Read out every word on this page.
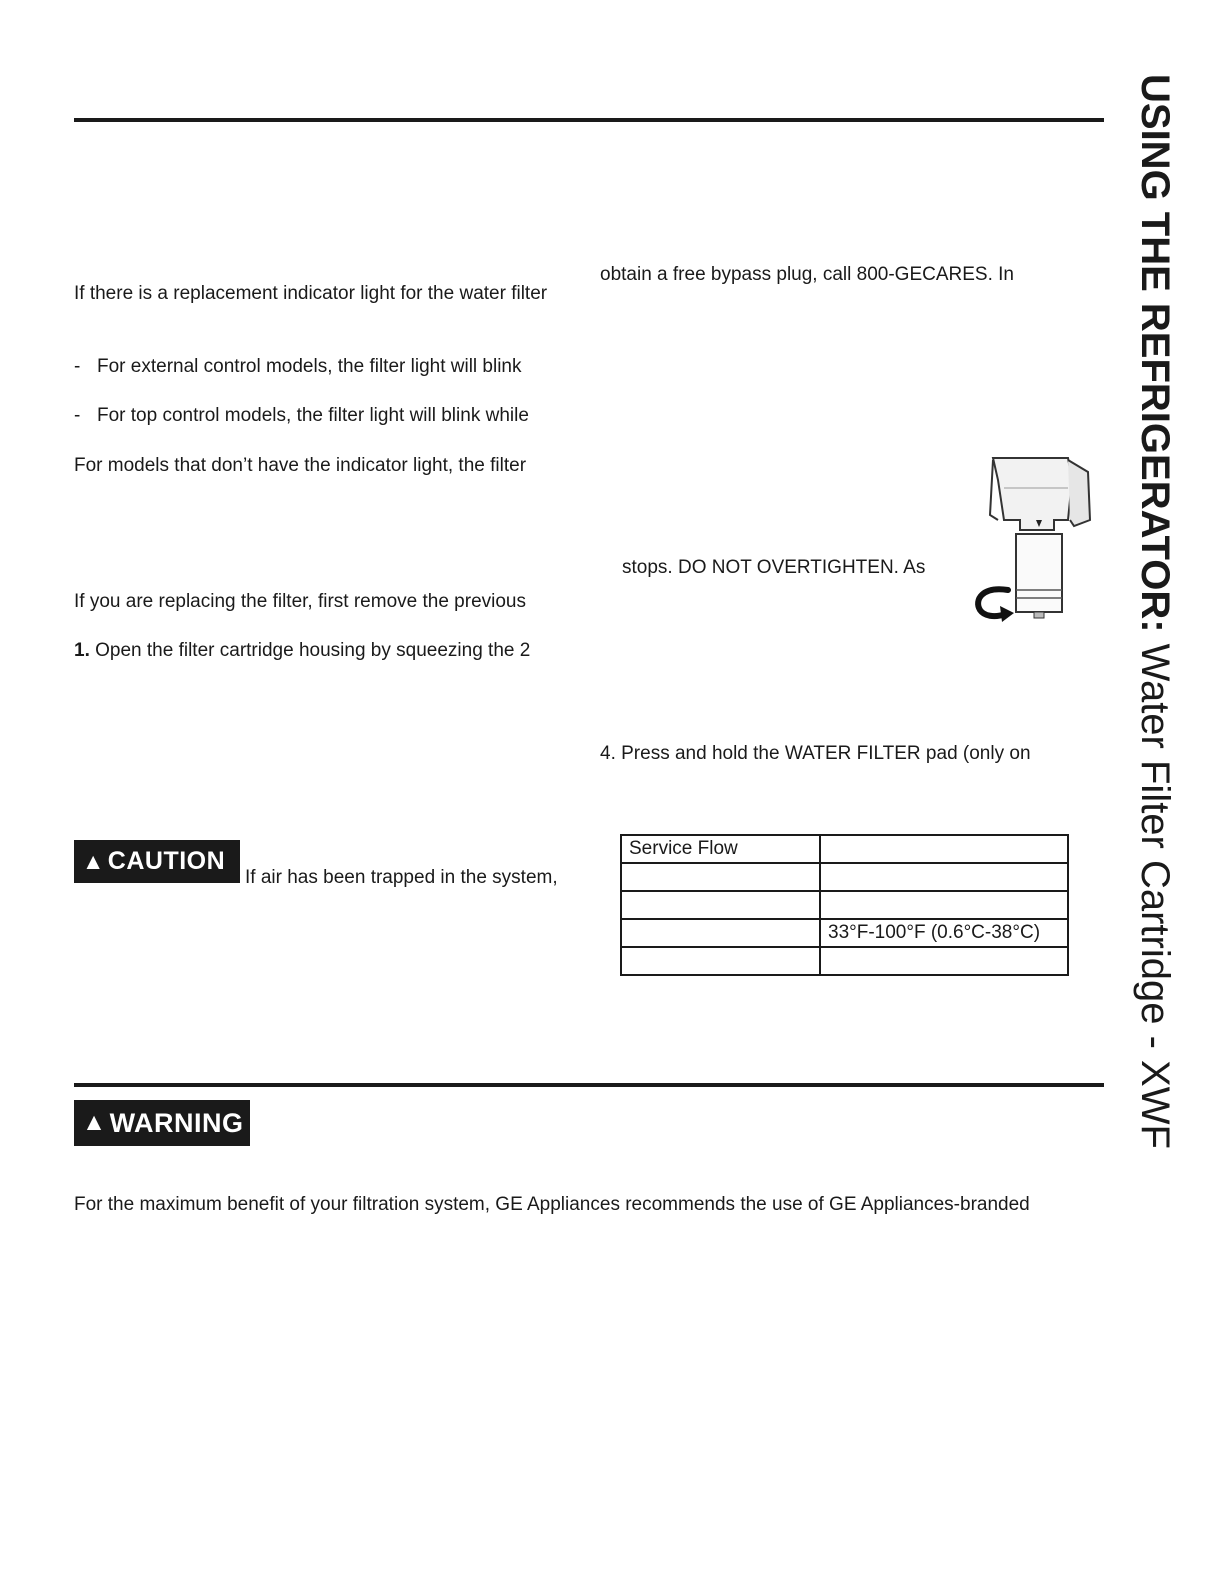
USING THE REFRIGERATOR: Water Filter Cartridge - XWF
If there is a replacement indicator light for the water filter
- For external control models, the filter light will blink
- For top control models, the filter light will blink while
For models that don’t have the indicator light, the filter
If you are replacing the filter, first remove the previous
1. Open the filter cartridge housing by squeezing the 2
▲ CAUTION
If air has been trapped in the system,
obtain a free bypass plug, call 800-GECARES. In
stops. DO NOT OVERTIGHTEN. As
4. Press and hold the WATER FILTER pad (only on
Service Flow	

	33°F-100°F (0.6°C-38°C)

▲ WARNING
For the maximum benefit of your filtration system, GE Appliances recommends the use of GE Appliances-branded
